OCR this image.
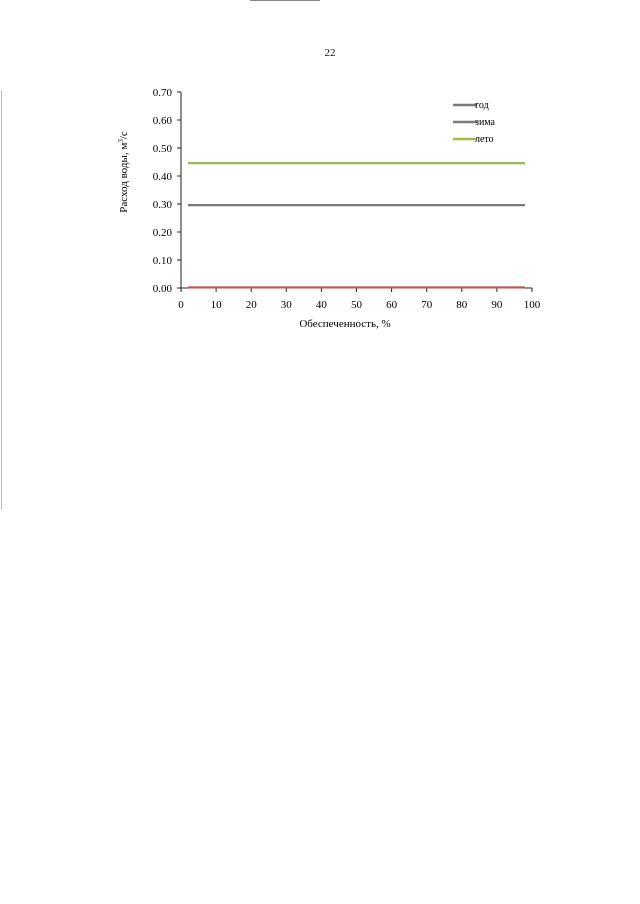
22
0.00
0.10
0.20
0.30
0.40
0.50
0.60
0.70
0 10 20 30 40 50 60 70 80 90 100
год
зима
лето
Обеспеченность, %
Расход воды, $м^3/с$
